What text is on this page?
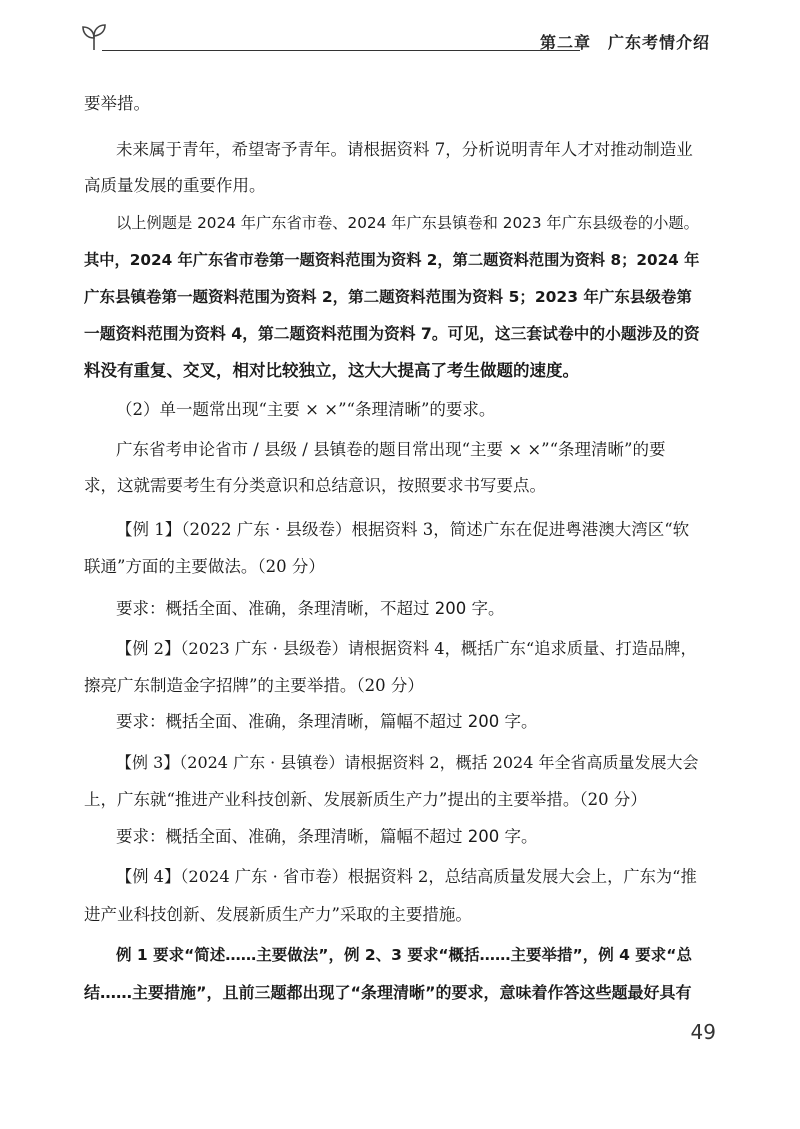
第二章　广东考情介绍
要举措。
未来属于青年，希望寄予青年。请根据资料 7，分析说明青年人才对推动制造业
高质量发展的重要作用。
以上例题是 2024 年广东省市卷、2024 年广东县镇卷和 2023 年广东县级卷的小题。
其中，2024 年广东省市卷第一题资料范围为资料 2，第二题资料范围为资料 8；2024 年
广东县镇卷第一题资料范围为资料 2，第二题资料范围为资料 5；2023 年广东县级卷第
一题资料范围为资料 4，第二题资料范围为资料 7。可见，这三套试卷中的小题涉及的资
料没有重复、交叉，相对比较独立，这大大提高了考生做题的速度。
（2）单一题常出现“主要 × ×”“条理清晰”的要求。
广东省考申论省市 / 县级 / 县镇卷的题目常出现“主要 × ×”“条理清晰”的要
求，这就需要考生有分类意识和总结意识，按照要求书写要点。
【例 1】（2022 广东 · 县级卷）根据资料 3，简述广东在促进粤港澳大湾区“软
联通”方面的主要做法。（20 分）
要求：概括全面、准确，条理清晰，不超过 200 字。
【例 2】（2023 广东 · 县级卷）请根据资料 4，概括广东“追求质量、打造品牌，
擦亮广东制造金字招牌”的主要举措。（20 分）
要求：概括全面、准确，条理清晰，篇幅不超过 200 字。
【例 3】（2024 广东 · 县镇卷）请根据资料 2，概括 2024 年全省高质量发展大会
上，广东就“推进产业科技创新、发展新质生产力”提出的主要举措。（20 分）
要求：概括全面、准确，条理清晰，篇幅不超过 200 字。
【例 4】（2024 广东 · 省市卷）根据资料 2，总结高质量发展大会上，广东为“推
进产业科技创新、发展新质生产力”采取的主要措施。
例 1 要求“简述……主要做法”，例 2、3 要求“概括……主要举措”，例 4 要求“总
结……主要措施”，且前三题都出现了“条理清晰”的要求，意味着作答这些题最好具有
49
